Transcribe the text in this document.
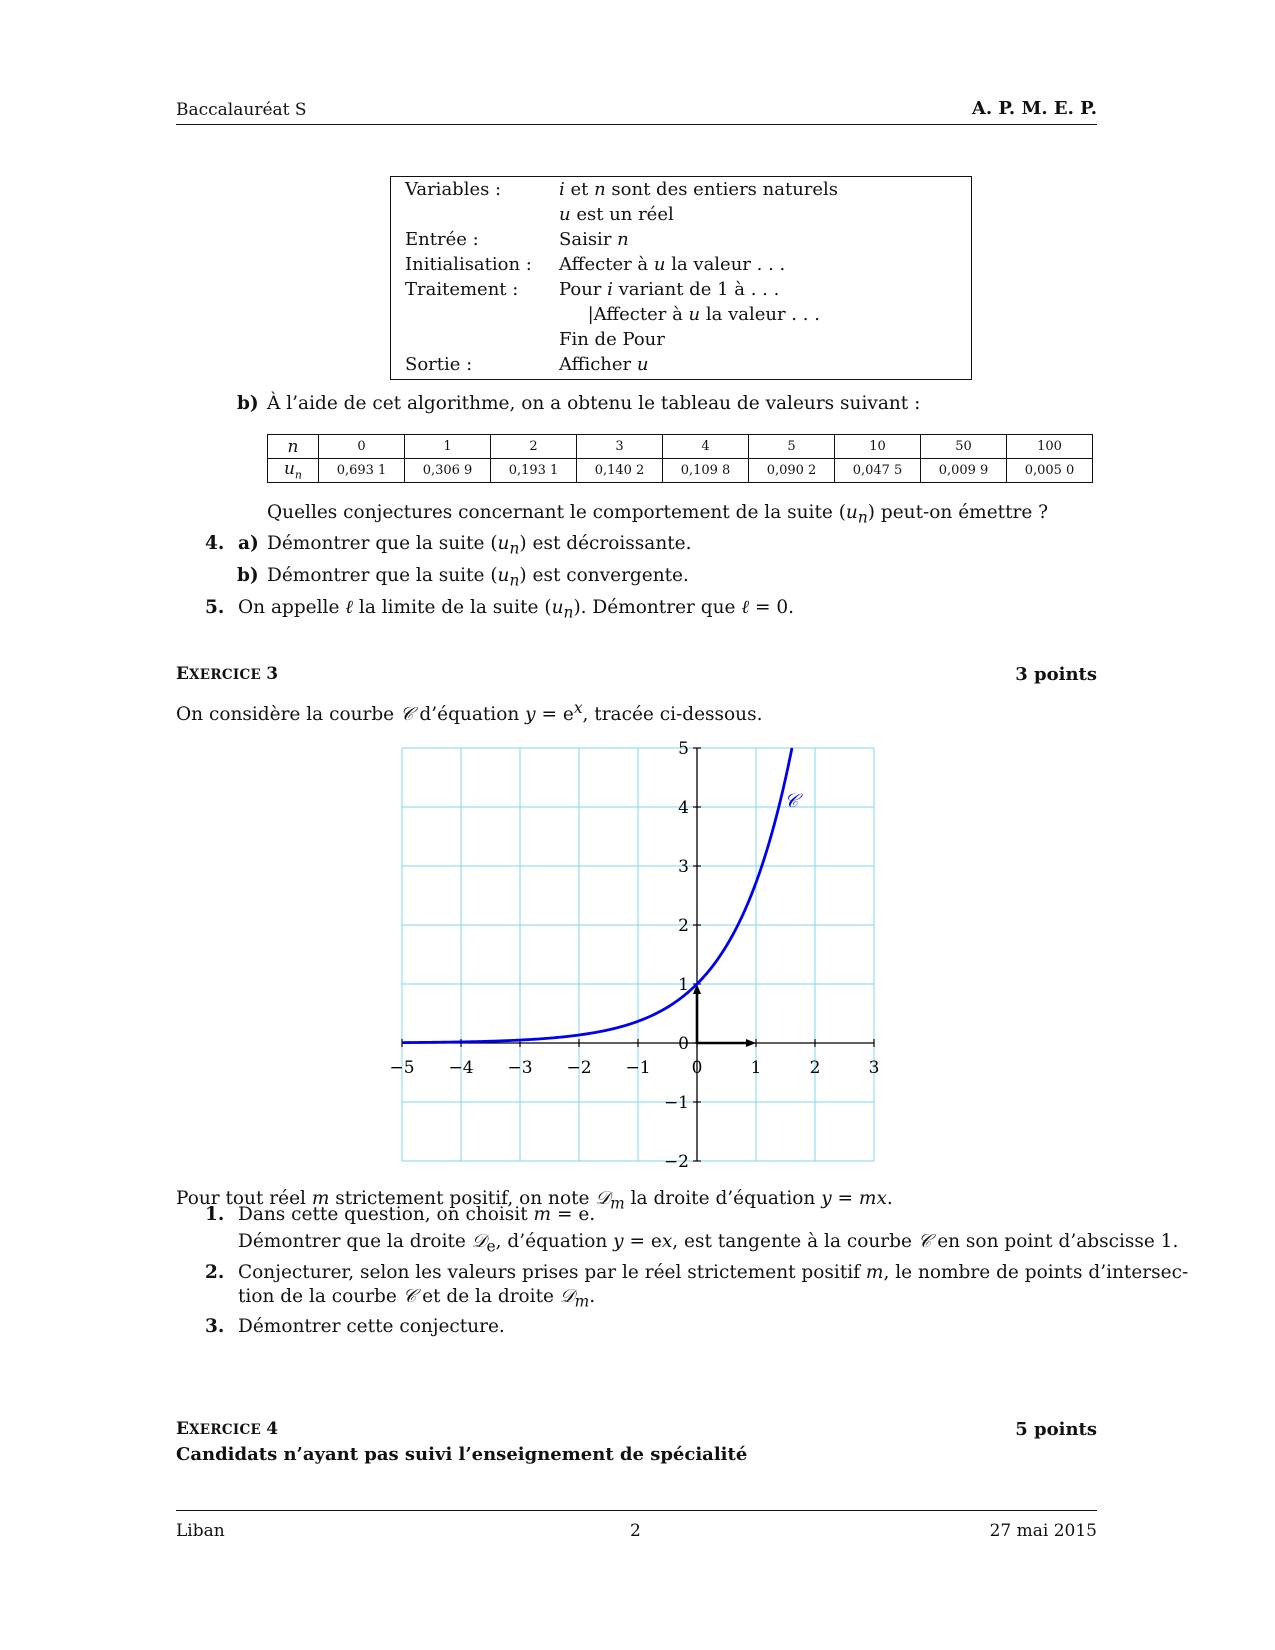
Baccalauréat S	A. P. M. E. P.
Variables :	i et n sont des entiers naturels
u est un réel
Entrée :	Saisir n
Initialisation : Affecter à u la valeur . . .
Traitement : Pour i variant de 1 à . . .
|Affecter à u la valeur . . .
Fin de Pour
Sortie :	Afficher u
b) À l’aide de cet algorithme, on a obtenu le tableau de valeurs suivant :
n	0	1	2	3	4	5	10	50	100
$u_n$	0,693 1	0,306 9	0,193 1	0,140 2	0,109 8	0,090 2	0,047 5	0,009 9	0,005 0
Quelles conjectures concernant le comportement de la suite $(u_n)$ peut-on émettre ?
4. a) Démontrer que la suite $(u_n)$ est décroissante.
b) Démontrer que la suite $(u_n)$ est convergente.
5. On appelle ℓ la limite de la suite $(u_n)$. Démontrer que ℓ = 0.
EXERCICE 3	3 points
On considère la courbe 𝒞 d’équation $y = e^x$, tracée ci-dessous.
−5 −4 −3 −2 −1 0	1	2	3
5
4
3
2
1
0
−1
−2
𝒞
Pour tout réel m strictement positif, on note 𝒟$_m$ la droite d’équation y = mx.
1. Dans cette question, on choisit m = e.
Démontrer que la droite 𝒟$_e$, d’équation y = ex, est tangente à la courbe 𝒞 en son point d’abscisse 1.
2. Conjecturer, selon les valeurs prises par le réel strictement positif m, le nombre de points d’intersec-
tion de la courbe 𝒞 et de la droite 𝒟$_m$.
3. Démontrer cette conjecture.
EXERCICE 4	5 points
Candidats n’ayant pas suivi l’enseignement de spécialité
Liban	2	27 mai 2015
